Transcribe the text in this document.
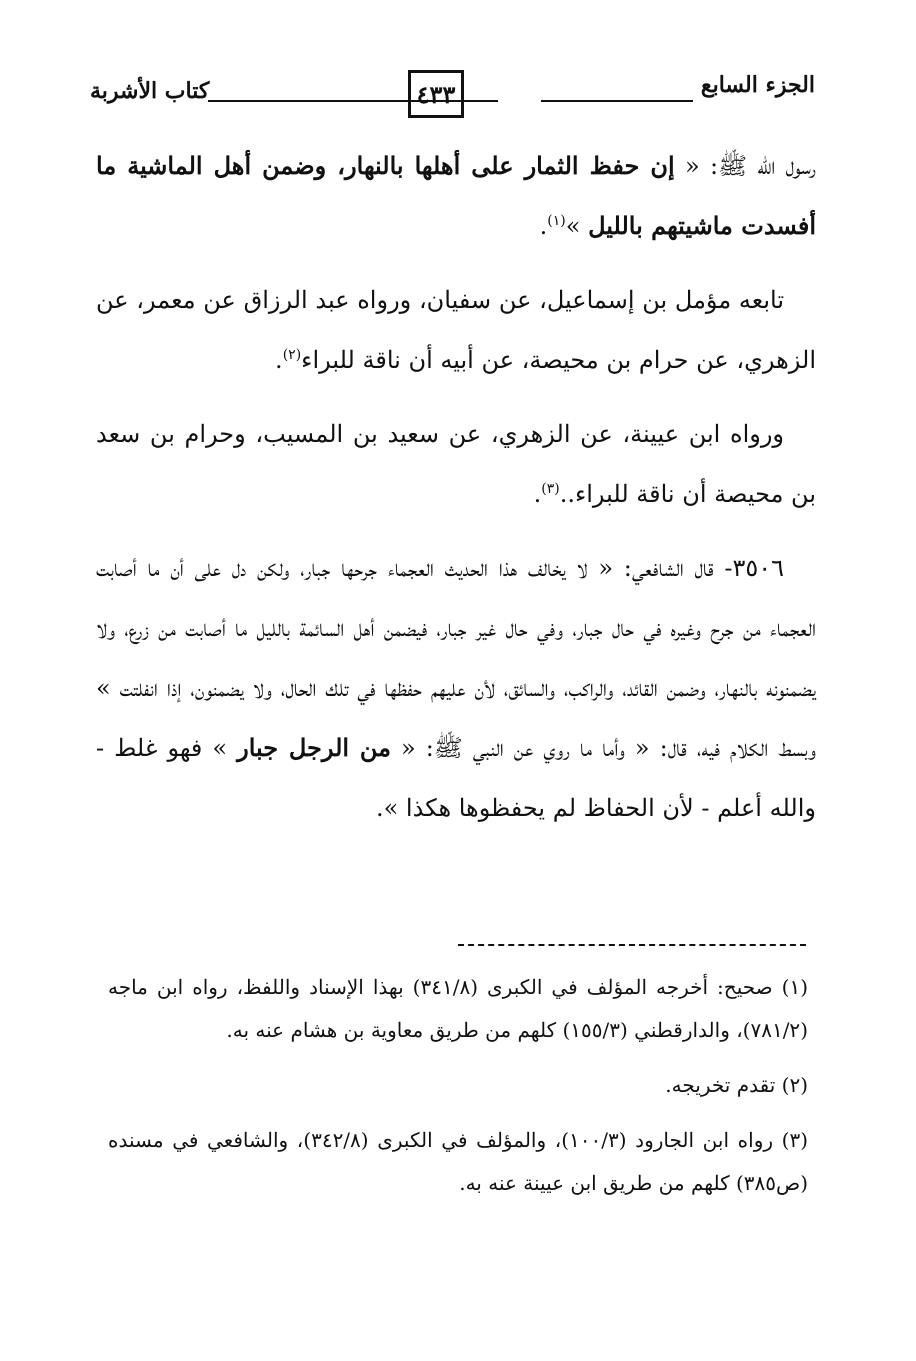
الجزء السابع
٤٣٣
كتاب الأشربة

رسول الله ﷺ: « إن حفظ الثمار على أهلها بالنهار، وضمن أهل الماشية ما أفسدت ماشيتهم بالليل »$^{(١)}$.

تابعه مؤمل بن إسماعيل، عن سفيان، ورواه عبد الرزاق عن معمر، عن الزهري، عن حرام بن محيصة، عن أبيه أن ناقة للبراء$^{(٢)}$.

ورواه ابن عيينة، عن الزهري، عن سعيد بن المسيب، وحرام بن سعد بن محيصة أن ناقة للبراء..$^{(٣)}$.

٣٥٠٦- قال الشافعي: « لا يخالف هذا الحديث العجماء جرحها جبار، ولكن دل على أن ما أصابت العجماء من جرح وغيره في حال جبار، وفي حال غير جبار، فيضمن أهل السائمة بالليل ما أصابت من زرع، ولا يضمنونه بالنهار، وضمن القائد، والراكب، والسائق، لأن عليهم حفظها في تلك الحال، ولا يضمنون، إذا انفلتت » وبسط الكلام فيه، قال: « وأما ما روي عن النبي ﷺ: « من الرجل جبار » فهو غلط - والله أعلم - لأن الحفاظ لم يحفظوها هكذا ».

(١) صحيح: أخرجه المؤلف في الكبرى (٣٤١/٨) بهذا الإسناد واللفظ، رواه ابن ماجه (٧٨١/٢)، والدارقطني (١٥٥/٣) كلهم من طريق معاوية بن هشام عنه به.

(٢) تقدم تخريجه.

(٣) رواه ابن الجارود (١٠٠/٣)، والمؤلف في الكبرى (٣٤٢/٨)، والشافعي في مسنده (ص٣٨٥) كلهم من طريق ابن عيينة عنه به.
